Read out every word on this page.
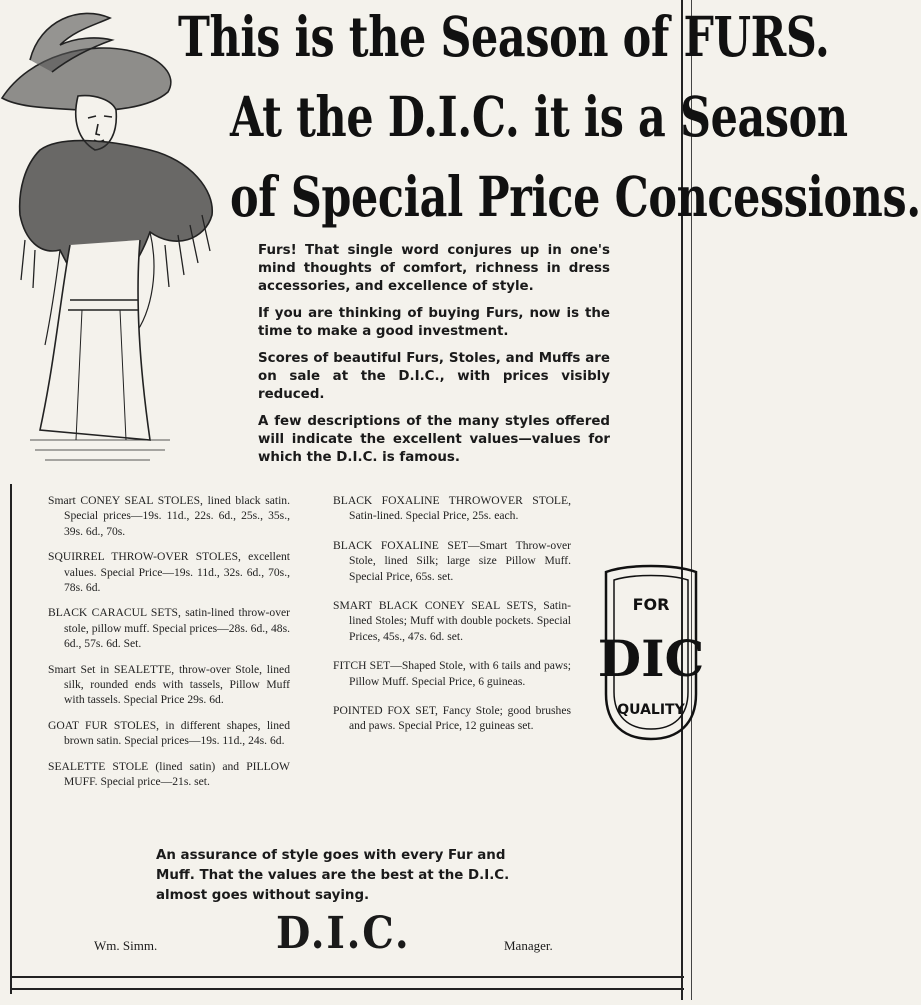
This is the Season of FURS.
At the D.I.C. it is a Season
of Special Price Concessions.

Furs! That single word conjures up in one's mind thoughts of comfort, richness in dress accessories, and excellence of style.

If you are thinking of buying Furs, now is the time to make a good investment.

Scores of beautiful Furs, Stoles, and Muffs are on sale at the D.I.C., with prices visibly reduced.

A few descriptions of the many styles offered will indicate the excellent values—values for which the D.I.C. is famous.

Smart CONEY SEAL STOLES, lined black satin. Special prices—19s. 11d., 22s. 6d., 25s., 35s., 39s. 6d., 70s.

SQUIRREL THROW-OVER STOLES, excellent values. Special Price—19s. 11d., 32s. 6d., 70s., 78s. 6d.

BLACK CARACUL SETS, satin-lined throw-over stole, pillow muff. Special prices—28s. 6d., 48s. 6d., 57s. 6d. Set.

Smart Set in SEALETTE, throw-over Stole, lined silk, rounded ends with tassels, Pillow Muff with tassels. Special Price 29s. 6d.

GOAT FUR STOLES, in different shapes, lined brown satin. Special prices—19s. 11d., 24s. 6d.

SEALETTE STOLE (lined satin) and PILLOW MUFF. Special price—21s. set.

BLACK FOXALINE THROWOVER STOLE, Satin-lined. Special Price, 25s. each.

BLACK FOXALINE SET—Smart Throw-over Stole, lined Silk; large size Pillow Muff. Special Price, 65s. set.

SMART BLACK CONEY SEAL SETS, Satin-lined Stoles; Muff with double pockets. Special Prices, 45s., 47s. 6d. set.

FITCH SET—Shaped Stole, with 6 tails and paws; Pillow Muff. Special Price, 6 guineas.

POINTED FOX SET, Fancy Stole; good brushes and paws. Special Price, 12 guineas set.

FOR
DIC
QUALITY
An assurance of style goes with every Fur and Muff. That the values are the best at the D.I.C. almost goes without saying.
Wm. Simm.	D.I.C.	Manager.
